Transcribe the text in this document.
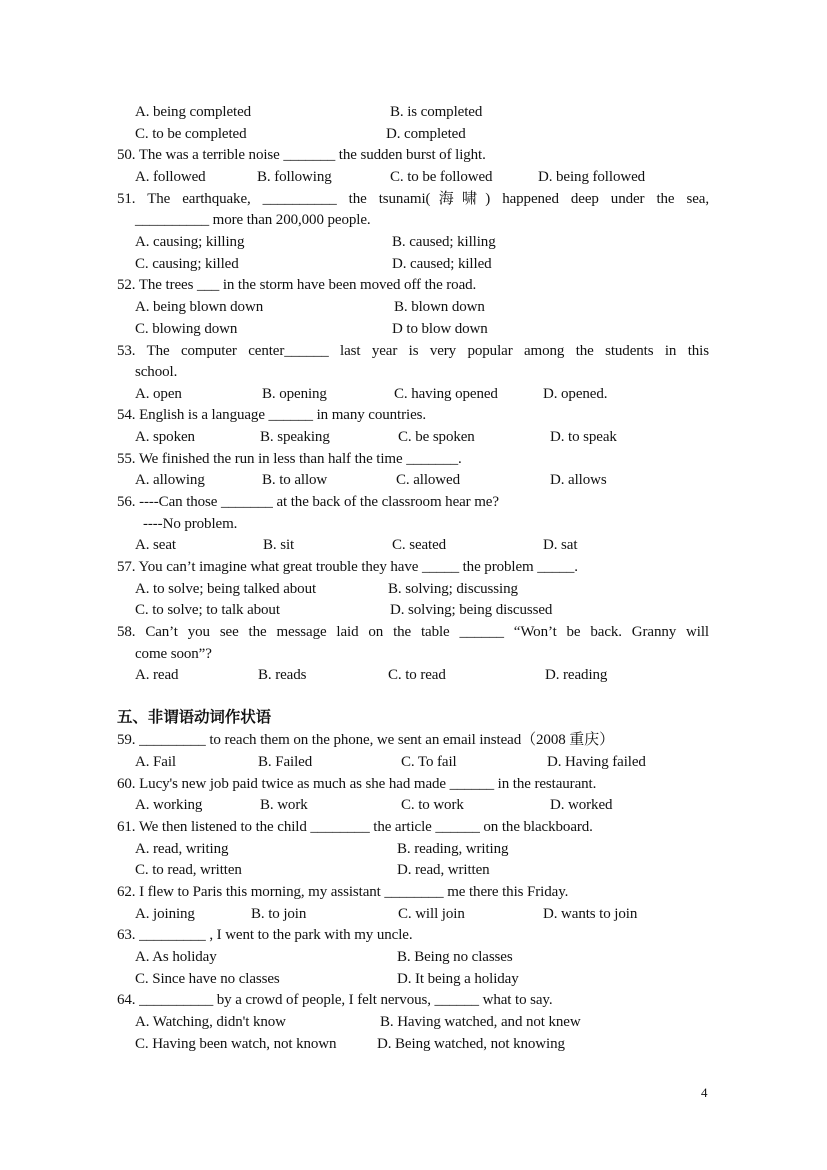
A. being completed	B. is completed
C. to be completed	D. completed
50. The was a terrible noise _______ the sudden burst of light.
A. followed	B. following	C. to be followed	D. being followed
51. The earthquake, __________ the tsunami(海啸) happened deep under the sea,
__________ more than 200,000 people.
A. causing; killing	B. caused; killing
C. causing; killed	D. caused; killed
52. The trees ___ in the storm have been moved off the road.
A. being blown down	B. blown down
C. blowing down	D to blow down
53. The computer center______ last year is very popular among the students in this
school.
A. open	B. opening	C. having opened	D. opened.
54. English is a language ______ in many countries.
A. spoken	B. speaking	C. be spoken	D. to speak
55. We finished the run in less than half the time _______.
A. allowing	B. to allow	C. allowed	D. allows
56. ----Can those _______ at the back of the classroom hear me?
----No problem.
A. seat	B. sit	C. seated	D. sat
57. You can’t imagine what great trouble they have _____ the problem _____.
A. to solve; being talked about	B. solving; discussing
C. to solve; to talk about	D. solving; being discussed
58. Can’t you see the message laid on the table ______ “Won’t be back. Granny will
come soon”?
A. read	B. reads	C. to read	D. reading
五、非谓语动词作状语
59. _________ to reach them on the phone, we sent an email instead（2008 重庆）
A. Fail	B. Failed	C. To fail	D. Having failed
60. Lucy's new job paid twice as much as she had made ______ in the restaurant.
A. working	B. work	C. to work	D. worked
61. We then listened to the child ________ the article ______ on the blackboard.
A. read, writing	B. reading, writing
C. to read, written	D. read, written
62. I flew to Paris this morning, my assistant ________ me there this Friday.
A. joining	B. to join	C. will join	D. wants to join
63. _________ , I went to the park with my uncle.
A. As holiday	B. Being no classes
C. Since have no classes	D. It being a holiday
64. __________ by a crowd of people, I felt nervous, ______ what to say.
A. Watching, didn't know	B. Having watched, and not knew
C. Having been watch, not known	D. Being watched, not knowing
4
